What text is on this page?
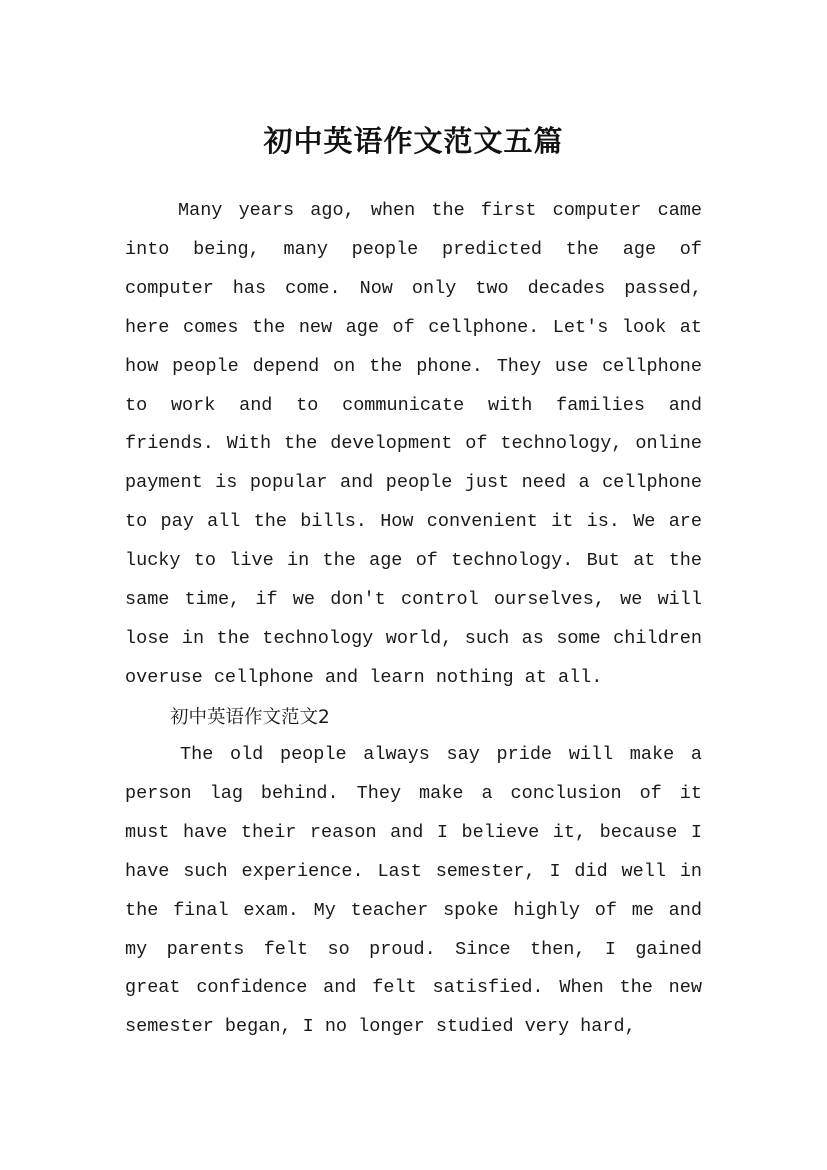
初中英语作文范文五篇

Many years ago, when the first computer came into being, many people predicted the age of computer has come. Now only two decades passed, here comes the new age of cellphone. Let's look at how people depend on the phone. They use cellphone to work and to communicate with families and friends. With the development of technology, online payment is popular and people just need a cellphone to pay all the bills. How convenient it is. We are lucky to live in the age of technology. But at the same time, if we don't control ourselves, we will lose in the technology world, such as some children overuse cellphone and learn nothing at all.

初中英语作文范文2

The old people always say pride will make a person lag behind. They make a conclusion of it must have their reason and I believe it, because I have such experience. Last semester, I did well in the final exam. My teacher spoke highly of me and my parents felt so proud. Since then, I gained great confidence and felt satisfied. When the new semester began, I no longer studied very hard,
